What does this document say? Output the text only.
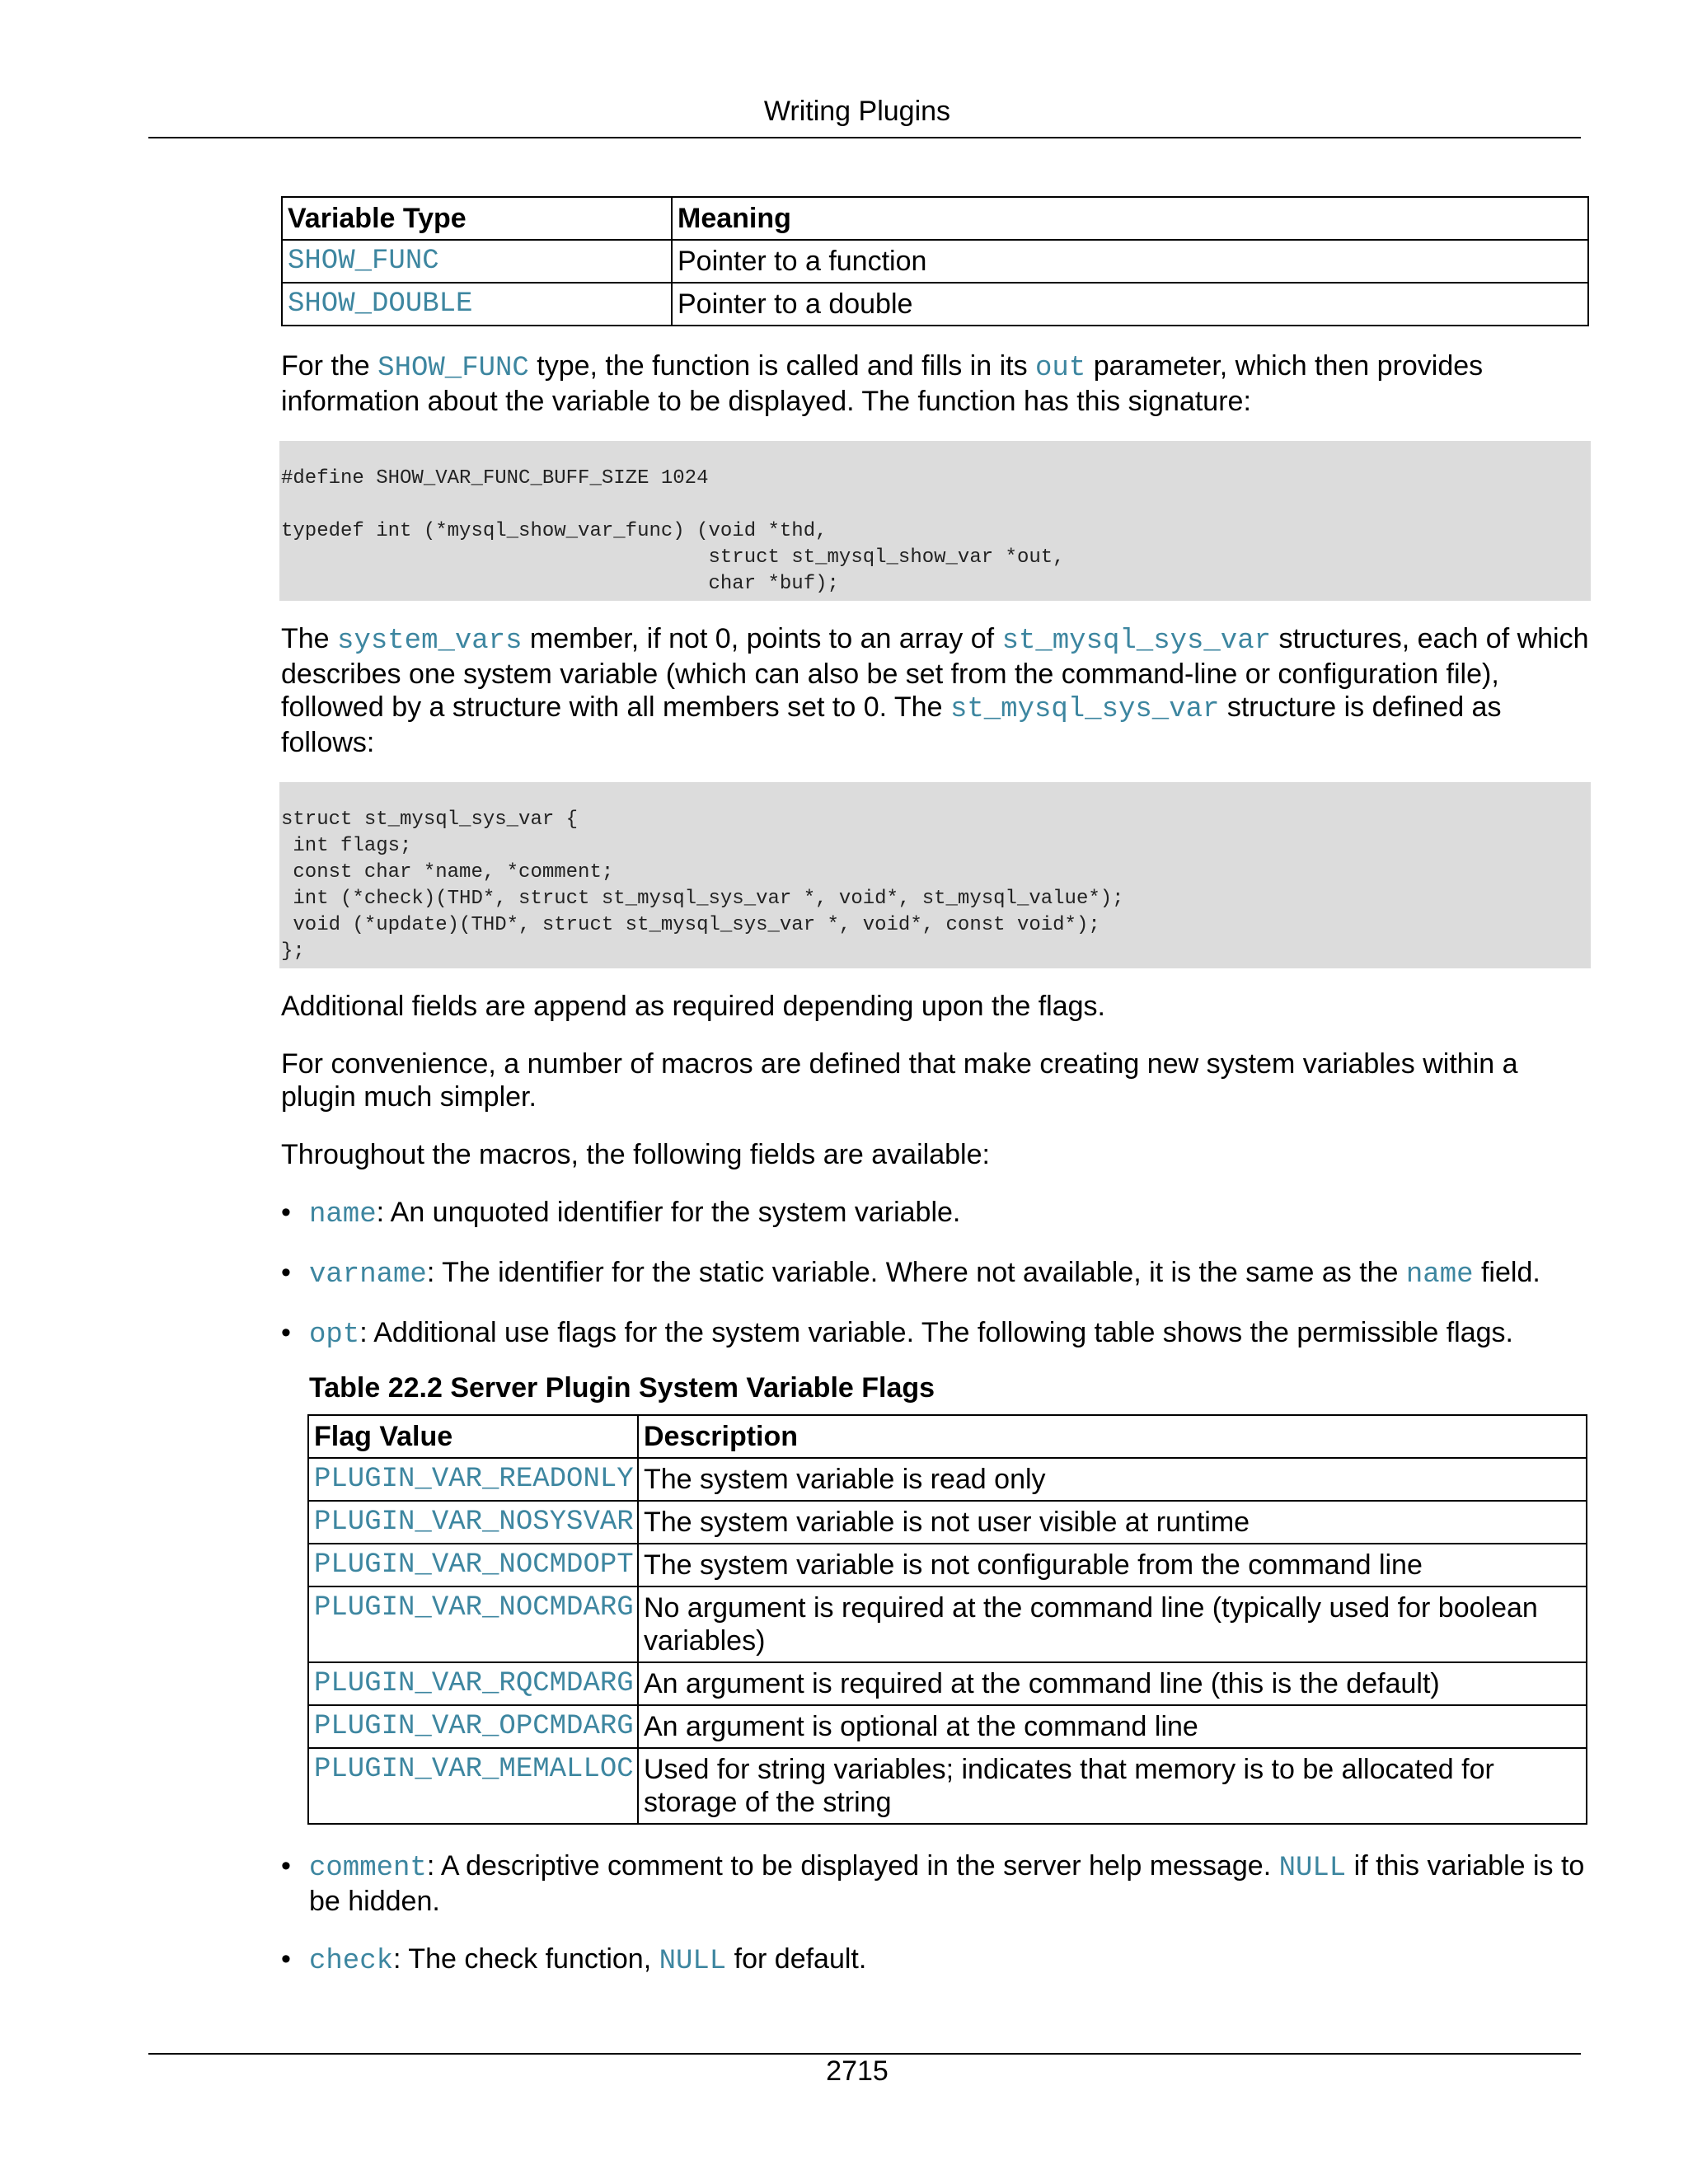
Writing Plugins
Variable Type	Meaning
SHOW_FUNC	Pointer to a function
SHOW_DOUBLE	Pointer to a double

For the SHOW_FUNC type, the function is called and fills in its out parameter, which then provides information about the variable to be displayed. The function has this signature:

#define SHOW_VAR_FUNC_BUFF_SIZE 1024

typedef int (*mysql_show_var_func) (void *thd,
struct st_mysql_show_var *out,
char *buf);

The system_vars member, if not 0, points to an array of st_mysql_sys_var structures, each of which describes one system variable (which can also be set from the command-line or configuration file), followed by a structure with all members set to 0. The st_mysql_sys_var structure is defined as follows:

struct st_mysql_sys_var {
int flags;
const char *name, *comment;
int (*check)(THD*, struct st_mysql_sys_var *, void*, st_mysql_value*);
void (*update)(THD*, struct st_mysql_sys_var *, void*, const void*);
};

Additional fields are append as required depending upon the flags.

For convenience, a number of macros are defined that make creating new system variables within a plugin much simpler.

Throughout the macros, the following fields are available:

• name: An unquoted identifier for the system variable.
• varname: The identifier for the static variable. Where not available, it is the same as the name field.
• opt: Additional use flags for the system variable. The following table shows the permissible flags.
Table 22.2 Server Plugin System Variable Flags
Flag Value	Description
PLUGIN_VAR_READONLY	The system variable is read only
PLUGIN_VAR_NOSYSVAR	The system variable is not user visible at runtime
PLUGIN_VAR_NOCMDOPT	The system variable is not configurable from the command line
PLUGIN_VAR_NOCMDARG	No argument is required at the command line (typically used for boolean variables)
PLUGIN_VAR_RQCMDARG	An argument is required at the command line (this is the default)
PLUGIN_VAR_OPCMDARG	An argument is optional at the command line
PLUGIN_VAR_MEMALLOC	Used for string variables; indicates that memory is to be allocated for storage of the string
• comment: A descriptive comment to be displayed in the server help message. NULL if this variable is to be hidden.
• check: The check function, NULL for default.
2715
